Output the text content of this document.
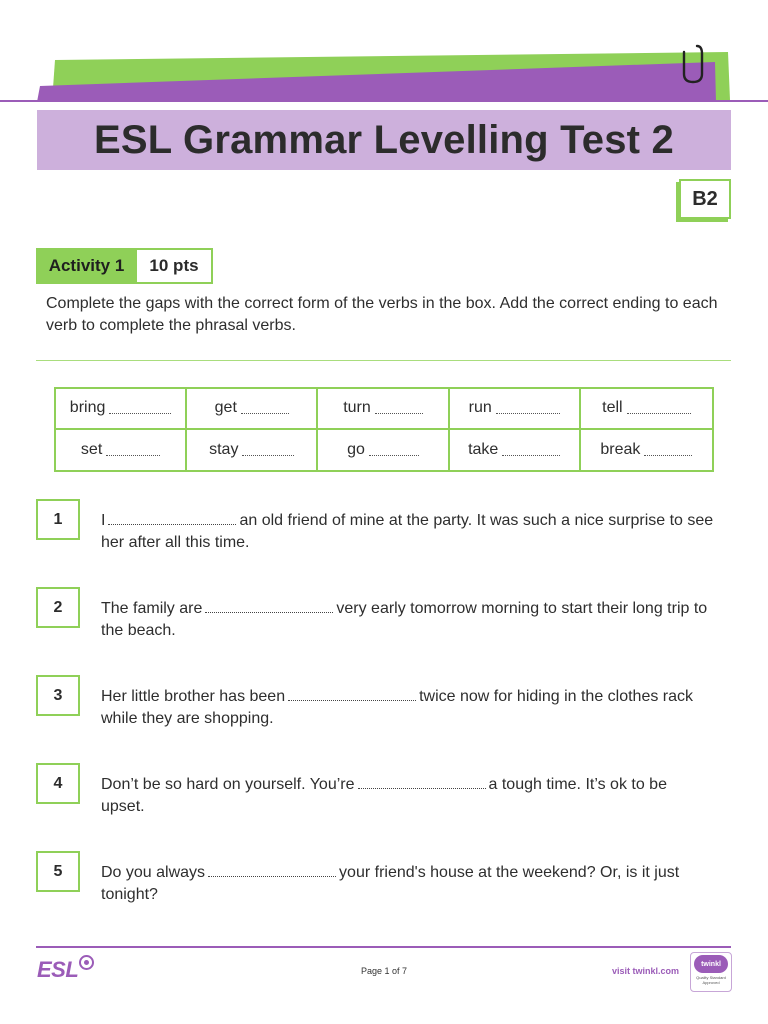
ESL Grammar Levelling Test 2
B2
Activity 1	10 pts

Complete the gaps with the correct form of the verbs in the box. Add the correct ending to each verb to complete the phrasal verbs.

bring	get	turn	run	tell
set	stay	go	take	break
1	I	an old friend of mine at the party. It was such a nice surprise to see her after all this time.

2	The family are	very early tomorrow morning to start their long trip to the beach.

3	Her little brother has been	twice now for hiding in the clothes rack while they are shopping.

4	Don’t be so hard on yourself. You’re	a tough time. It’s ok to be upset.

5	Do you always	your friend's house at the weekend? Or, is it just tonight?

ESL	Page 1 of 7	visit twinkl.com
twinkl
Quality Standard Approved
